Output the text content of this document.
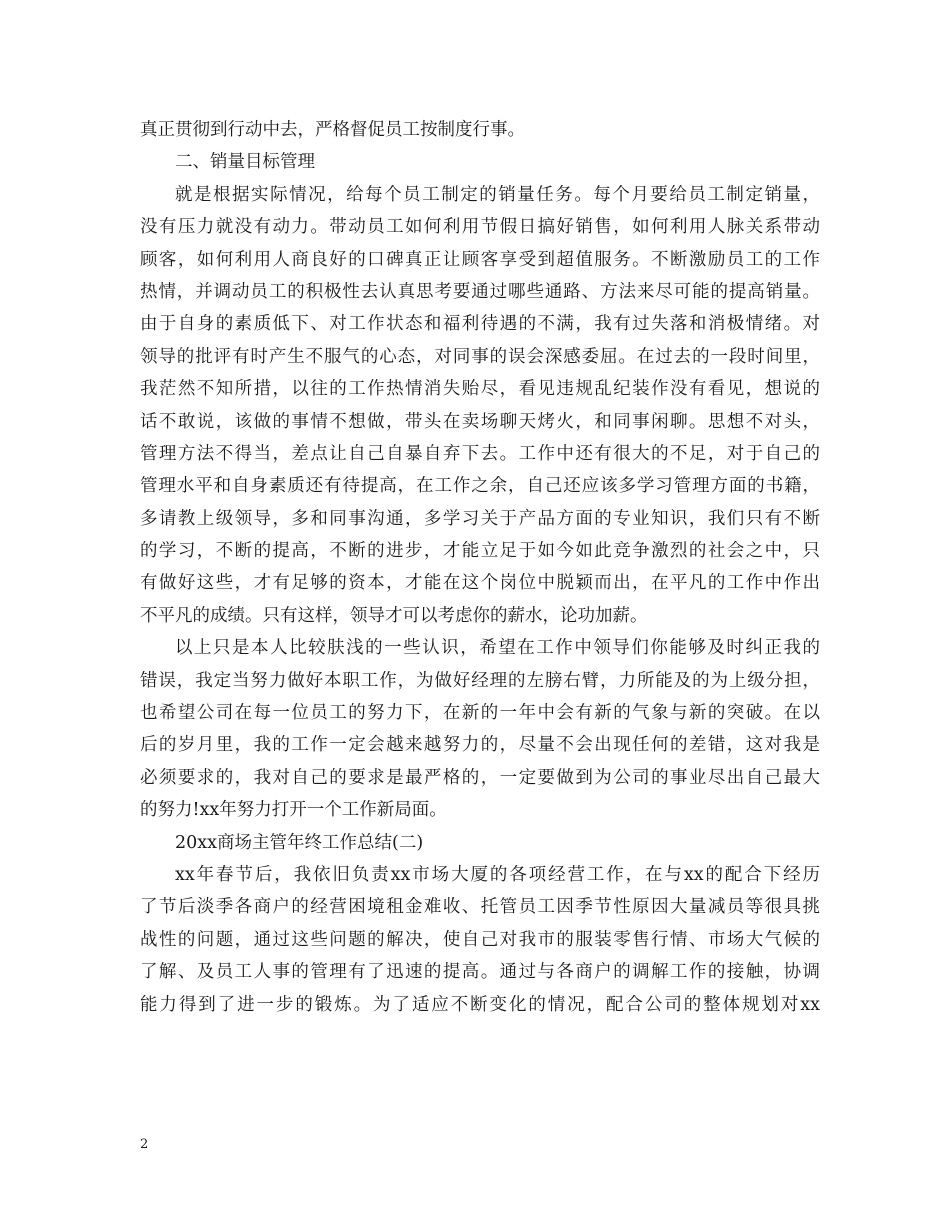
真正贯彻到行动中去，严格督促员工按制度行事。
二、销量目标管理
就是根据实际情况，给每个员工制定的销量任务。每个月要给员工制定销量，
没有压力就没有动力。带动员工如何利用节假日搞好销售，如何利用人脉关系带动
顾客，如何利用人商良好的口碑真正让顾客享受到超值服务。不断激励员工的工作
热情，并调动员工的积极性去认真思考要通过哪些通路、方法来尽可能的提高销量。
由于自身的素质低下、对工作状态和福利待遇的不满，我有过失落和消极情绪。对
领导的批评有时产生不服气的心态，对同事的误会深感委屈。在过去的一段时间里，
我茫然不知所措，以往的工作热情消失贻尽，看见违规乱纪装作没有看见，想说的
话不敢说，该做的事情不想做，带头在卖场聊天烤火，和同事闲聊。思想不对头，
管理方法不得当，差点让自己自暴自弃下去。工作中还有很大的不足，对于自己的
管理水平和自身素质还有待提高，在工作之余，自己还应该多学习管理方面的书籍，
多请教上级领导，多和同事沟通，多学习关于产品方面的专业知识，我们只有不断
的学习，不断的提高，不断的进步，才能立足于如今如此竞争激烈的社会之中，只
有做好这些，才有足够的资本，才能在这个岗位中脱颖而出，在平凡的工作中作出
不平凡的成绩。只有这样，领导才可以考虑你的薪水，论功加薪。
以上只是本人比较肤浅的一些认识，希望在工作中领导们你能够及时纠正我的
错误，我定当努力做好本职工作，为做好经理的左膀右臂，力所能及的为上级分担，
也希望公司在每一位员工的努力下，在新的一年中会有新的气象与新的突破。在以
后的岁月里，我的工作一定会越来越努力的，尽量不会出现任何的差错，这对我是
必须要求的，我对自己的要求是最严格的，一定要做到为公司的事业尽出自己最大
的努力!xx年努力打开一个工作新局面。
20xx商场主管年终工作总结(二)
xx年春节后，我依旧负责xx市场大厦的各项经营工作，在与xx的配合下经历
了节后淡季各商户的经营困境租金难收、托管员工因季节性原因大量减员等很具挑
战性的问题，通过这些问题的解决，使自己对我市的服装零售行情、市场大气候的
了解、及员工人事的管理有了迅速的提高。通过与各商户的调解工作的接触，协调
能力得到了进一步的锻炼。为了适应不断变化的情况，配合公司的整体规划对xx
2
